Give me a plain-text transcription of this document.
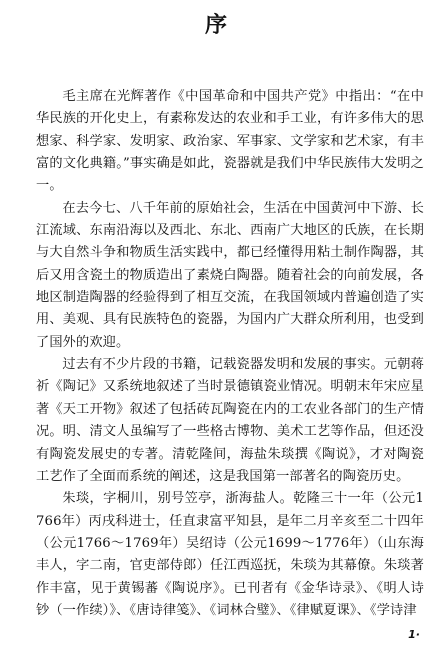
序

毛主席在光辉著作《中国革命和中国共产党》中指出：“在中华民族的开化史上，有素称发达的农业和手工业，有许多伟大的思想家、科学家、发明家、政治家、军事家、文学家和艺术家，有丰富的文化典籍。”事实确是如此，瓷器就是我们中华民族伟大发明之一。

在去今七、八千年前的原始社会，生活在中国黄河中下游、长江流域、东南沿海以及西北、东北、西南广大地区的氏族，在长期与大自然斗争和物质生活实践中，都已经懂得用粘土制作陶器，其后又用含瓷土的物质造出了素烧白陶器。随着社会的向前发展，各地区制造陶器的经验得到了相互交流，在我国领域内普遍创造了实用、美观、具有民族特色的瓷器，为国内广大群众所利用，也受到了国外的欢迎。

过去有不少片段的书籍，记载瓷器发明和发展的事实。元朝蒋祈《陶记》又系统地叙述了当时景德镇瓷业情况。明朝末年宋应星著《天工开物》叙述了包括砖瓦陶瓷在内的工农业各部门的生产情况。明、清文人虽编写了一些格古博物、美术工艺等作品，但还没有陶瓷发展史的专著。清乾隆间，海盐朱琰撰《陶说》，才对陶瓷工艺作了全面而系统的阐述，这是我国第一部著名的陶瓷历史。

朱琰，字桐川，别号笠亭，浙海盐人。乾隆三十一年（公元1766年）丙戌科进士，任直隶富平知县，是年二月辛亥至二十四年（公元1766～1769年）吴绍诗（公元1699～1776年）（山东海丰人，字二南，官吏部侍郎）任江西巡抚，朱琰为其幕僚。朱琰著作丰富，见于黄锡蕃《陶说序》。已刊者有《金华诗录》、《明人诗钞（一作续）》、《唐诗律笺》、《词林合璧》、《律赋夏课》、《学诗津

1·
